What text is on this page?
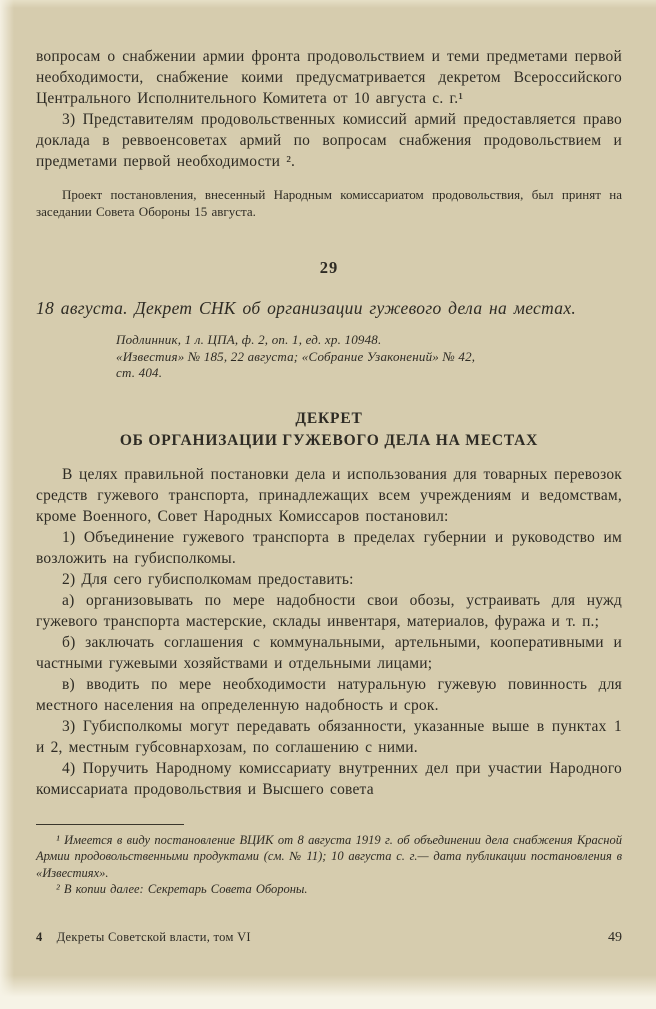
вопросам о снабжении армии фронта продовольствием и теми предметами первой необходимости, снабжение коими предусматривается декретом Всероссийского Центрального Исполнительного Комитета от 10 августа с. г.¹

3) Представителям продовольственных комиссий армий предоставляется право доклада в реввоенсоветах армий по вопросам снабжения продовольствием и предметами первой необходимости ².

Проект постановления, внесенный Народным комиссариатом продовольствия, был принят на заседании Совета Обороны 15 августа.

29
18 августа. Декрет СНК об организации гужевого дела на местах.
Подлинник, 1 л. ЦПА, ф. 2, оп. 1, ед. хр. 10948.
«Известия» № 185, 22 августа; «Собрание Узаконений» № 42,
ст. 404.
ДЕКРЕТ
ОБ ОРГАНИЗАЦИИ ГУЖЕВОГО ДЕЛА НА МЕСТАХ

В целях правильной постановки дела и использования для товарных перевозок средств гужевого транспорта, принадлежащих всем учреждениям и ведомствам, кроме Военного, Совет Народных Комиссаров постановил:

1) Объединение гужевого транспорта в пределах губернии и руководство им возложить на губисполкомы.

2) Для сего губисполкомам предоставить:

а) организовывать по мере надобности свои обозы, устраивать для нужд гужевого транспорта мастерские, склады инвентаря, материалов, фуража и т. п.;

б) заключать соглашения с коммунальными, артельными, кооперативными и частными гужевыми хозяйствами и отдельными лицами;

в) вводить по мере необходимости натуральную гужевую повинность для местного населения на определенную надобность и срок.

3) Губисполкомы могут передавать обязанности, указанные выше в пунктах 1 и 2, местным губсовнархозам, по соглашению с ними.

4) Поручить Народному комиссариату внутренних дел при участии Народного комиссариата продовольствия и Высшего совета

¹ Имеется в виду постановление ВЦИК от 8 августа 1919 г. об объединении дела снабжения Красной Армии продовольственными продуктами (см. № 11); 10 августа с. г.— дата публикации постановления в «Известиях».

² В копии далее: Секретарь Совета Обороны.

4 Декреты Советской власти, том VI	49
